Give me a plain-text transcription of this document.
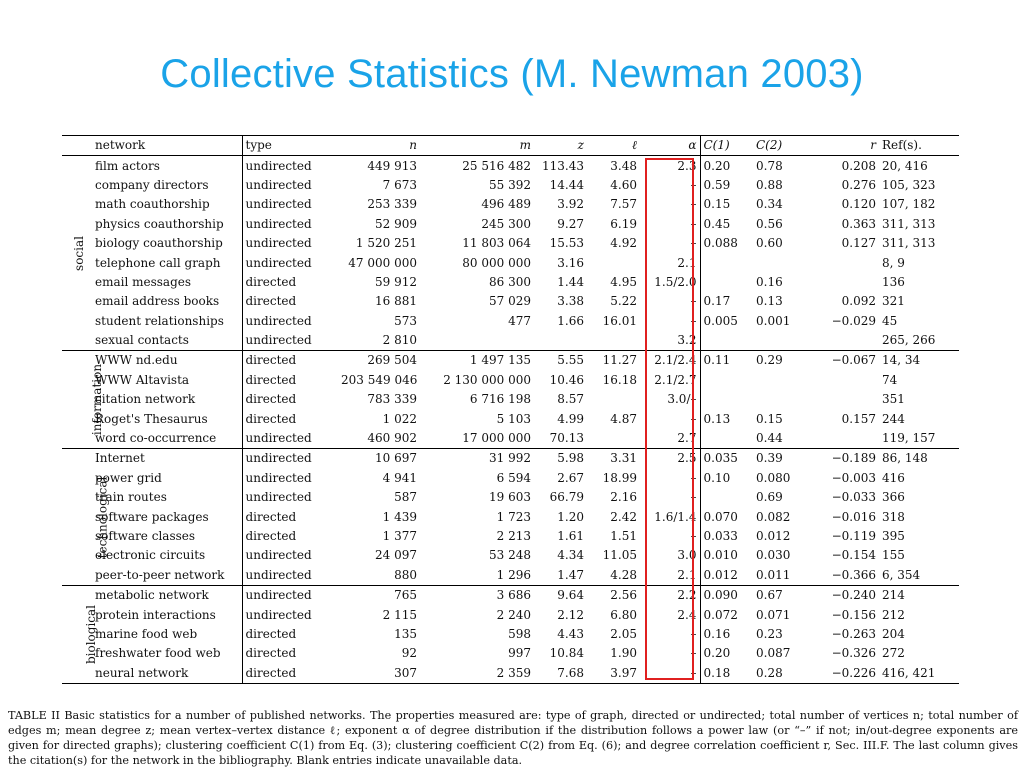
Collective Statistics (M. Newman 2003)
	network	type	n	m	z	ℓ	α	C(1)	C(2)	r	Ref(s).
social	film actors	undirected	449 913	25 516 482	113.43	3.48	2.3	0.20	0.78	0.208	20, 416
	company directors	undirected	7 673	55 392	14.44	4.60	–	0.59	0.88	0.276	105, 323
	math coauthorship	undirected	253 339	496 489	3.92	7.57	–	0.15	0.34	0.120	107, 182
	physics coauthorship	undirected	52 909	245 300	9.27	6.19	–	0.45	0.56	0.363	311, 313
	biology coauthorship	undirected	1 520 251	11 803 064	15.53	4.92	–	0.088	0.60	0.127	311, 313
	telephone call graph	undirected	47 000 000	80 000 000	3.16		2.1				8, 9
	email messages	directed	59 912	86 300	1.44	4.95	1.5/2.0		0.16		136
	email address books	directed	16 881	57 029	3.38	5.22	–	0.17	0.13	0.092	321
	student relationships	undirected	573	477	1.66	16.01	–	0.005	0.001	−0.029	45
	sexual contacts	undirected	2 810				3.2				265, 266
information	WWW nd.edu	directed	269 504	1 497 135	5.55	11.27	2.1/2.4	0.11	0.29	−0.067	14, 34
	WWW Altavista	directed	203 549 046	2 130 000 000	10.46	16.18	2.1/2.7				74
	citation network	directed	783 339	6 716 198	8.57		3.0/–				351
	Roget's Thesaurus	directed	1 022	5 103	4.99	4.87	–	0.13	0.15	0.157	244
	word co-occurrence	undirected	460 902	17 000 000	70.13		2.7		0.44		119, 157
technological	Internet	undirected	10 697	31 992	5.98	3.31	2.5	0.035	0.39	−0.189	86, 148
	power grid	undirected	4 941	6 594	2.67	18.99	–	0.10	0.080	−0.003	416
	train routes	undirected	587	19 603	66.79	2.16	–		0.69	−0.033	366
	software packages	directed	1 439	1 723	1.20	2.42	1.6/1.4	0.070	0.082	−0.016	318
	software classes	directed	1 377	2 213	1.61	1.51	–	0.033	0.012	−0.119	395
	electronic circuits	undirected	24 097	53 248	4.34	11.05	3.0	0.010	0.030	−0.154	155
	peer-to-peer network	undirected	880	1 296	1.47	4.28	2.1	0.012	0.011	−0.366	6, 354
biological	metabolic network	undirected	765	3 686	9.64	2.56	2.2	0.090	0.67	−0.240	214
	protein interactions	undirected	2 115	2 240	2.12	6.80	2.4	0.072	0.071	−0.156	212
	marine food web	directed	135	598	4.43	2.05	–	0.16	0.23	−0.263	204
	freshwater food web	directed	92	997	10.84	1.90	–	0.20	0.087	−0.326	272
	neural network	directed	307	2 359	7.68	3.97	–	0.18	0.28	−0.226	416, 421
TABLE II Basic statistics for a number of published networks. The properties measured are: type of graph, directed or undirected; total number of vertices n; total number of edges m; mean degree z; mean vertex–vertex distance ℓ; exponent α of degree distribution if the distribution follows a power law (or “–” if not; in/out-degree exponents are given for directed graphs); clustering coefficient C(1) from Eq. (3); clustering coefficient C(2) from Eq. (6); and degree correlation coefficient r, Sec. III.F. The last column gives the citation(s) for the network in the bibliography. Blank entries indicate unavailable data.
